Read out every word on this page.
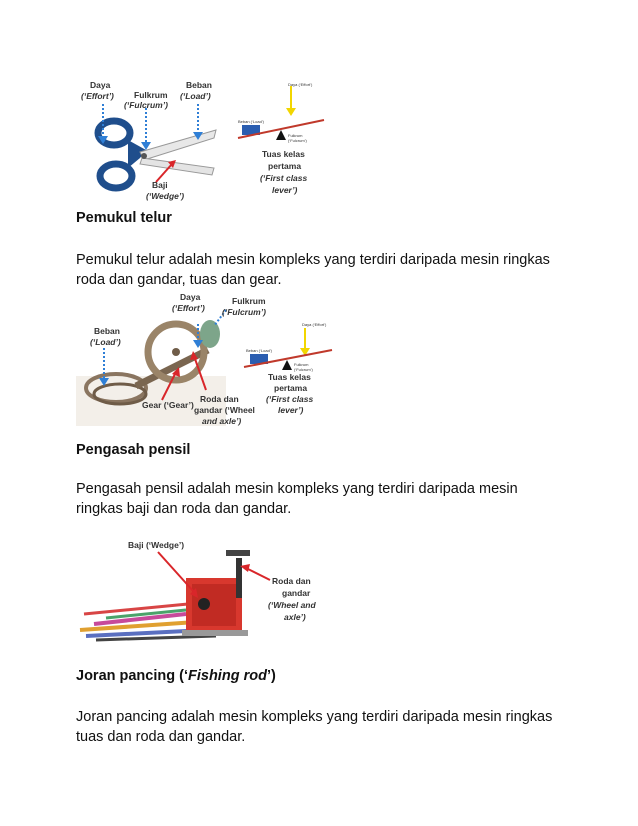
Daya
(‘Effort’) Fulkrum
(‘Fulcrum’)
Beban
(‘Load’)
Baji
(‘Wedge’)
Daya (‘Effort’)
Beban (‘Load’)
Fulkrum
(‘Fulcrum’)
Tuas kelas
pertama
(‘First class
lever’)
Pemukul telur
Pemukul telur adalah mesin kompleks yang terdiri daripada mesin ringkas
roda dan gandar, tuas dan gear.
Daya
(‘Effort’)
Fulkrum
(‘Fulcrum’)
Beban
(‘Load’)
Gear (‘Gear’)
Roda dan
gandar (‘Wheel
and axle’)
Daya (‘Effort’)
Beban (‘Load’)
Fulkrum
(‘Fulcrum’)
Tuas kelas
pertama
(‘First class
lever’)
Pengasah pensil
Pengasah pensil adalah mesin kompleks yang terdiri daripada mesin
ringkas baji dan roda dan gandar.
Baji (‘Wedge’)
Roda dan
gandar
(‘Wheel and
axle’)
Joran pancing (‘Fishing rod’)
Joran pancing adalah mesin kompleks yang terdiri daripada mesin ringkas
tuas dan roda dan gandar.
